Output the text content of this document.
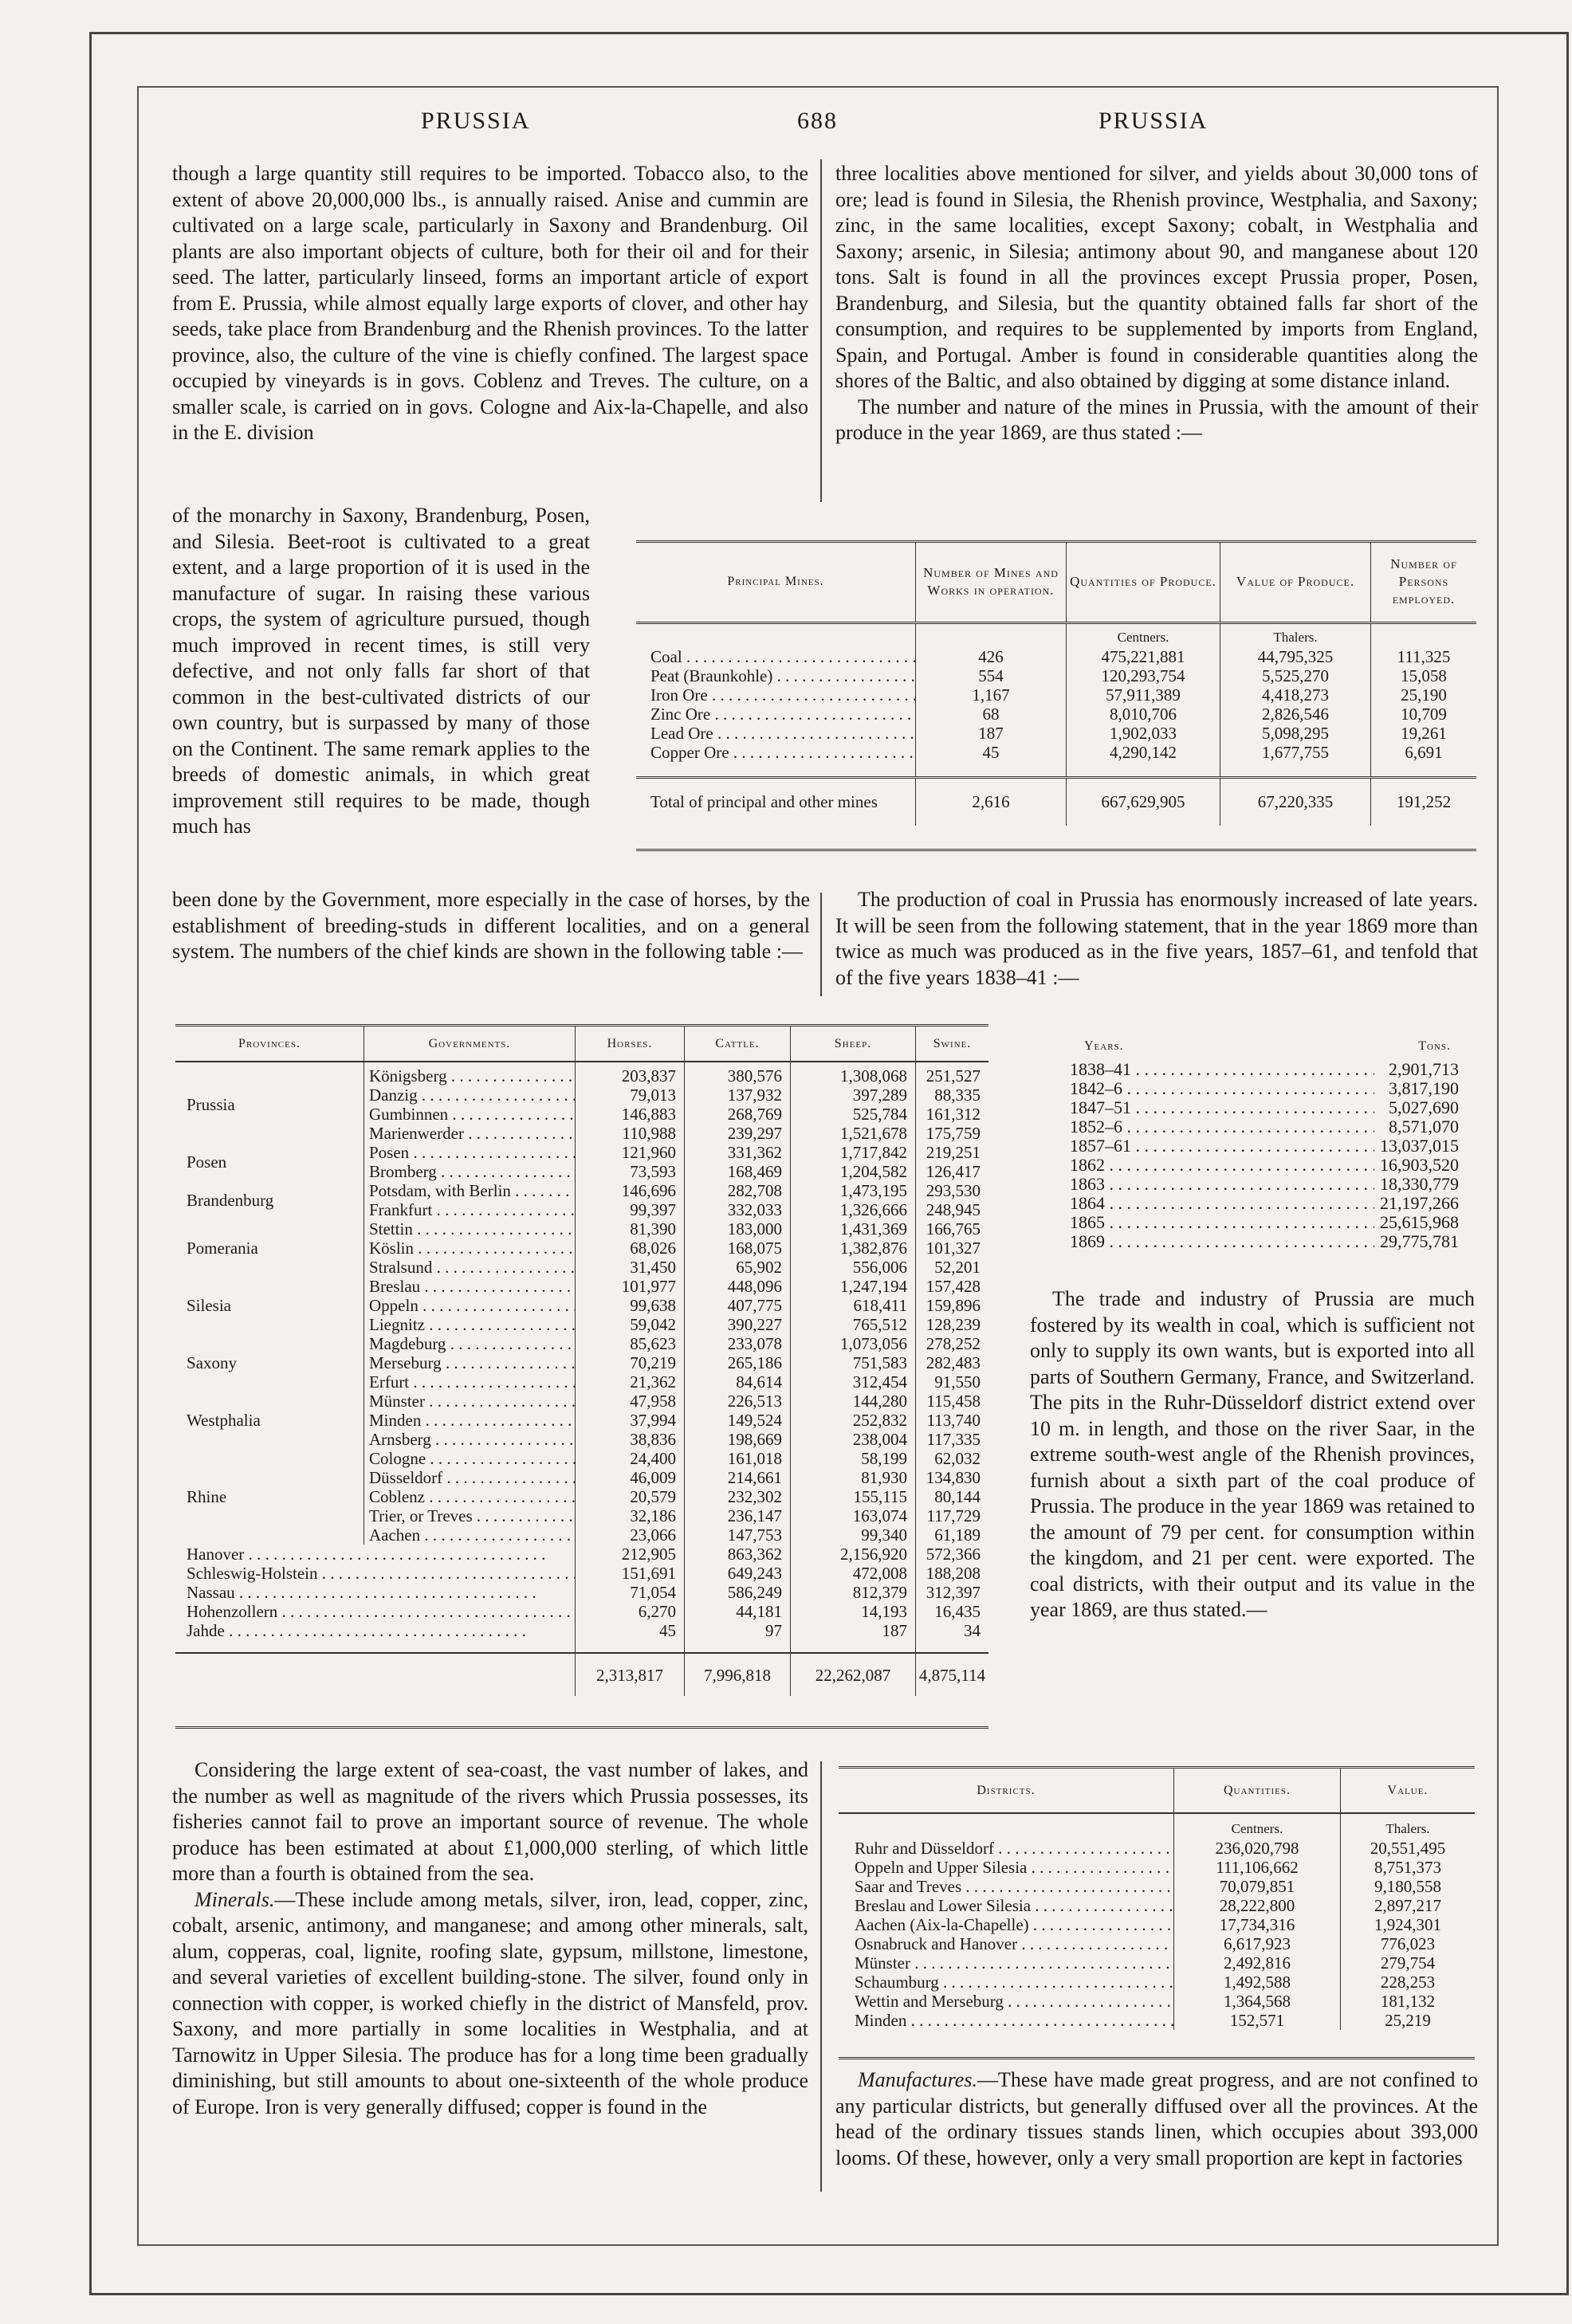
PRUSSIA	688	PRUSSIA

though a large quantity still requires to be imported. Tobacco also, to the extent of above 20,000,000 lbs., is annually raised. Anise and cummin are cultivated on a large scale, particularly in Saxony and Brandenburg. Oil plants are also important objects of culture, both for their oil and for their seed. The latter, particularly linseed, forms an important article of export from E. Prussia, while almost equally large exports of clover, and other hay seeds, take place from Brandenburg and the Rhenish provinces. To the latter province, also, the culture of the vine is chiefly confined. The largest space occupied by vineyards is in govs. Coblenz and Treves. The culture, on a smaller scale, is carried on in govs. Cologne and Aix-la-Chapelle, and also in the E. division

of the monarchy in Saxony, Brandenburg, Posen, and Silesia. Beet-root is cultivated to a great extent, and a large proportion of it is used in the manufacture of sugar. In raising these various crops, the system of agriculture pursued, though much improved in recent times, is still very defective, and not only falls far short of that common in the best-cultivated districts of our own country, but is surpassed by many of those on the Continent. The same remark applies to the breeds of domestic animals, in which great improvement still requires to be made, though much has

been done by the Government, more especially in the case of horses, by the establishment of breeding-studs in different localities, and on a general system. The numbers of the chief kinds are shown in the following table :—

three localities above mentioned for silver, and yields about 30,000 tons of ore; lead is found in Silesia, the Rhenish province, Westphalia, and Saxony; zinc, in the same localities, except Saxony; cobalt, in Westphalia and Saxony; arsenic, in Silesia; antimony about 90, and manganese about 120 tons. Salt is found in all the provinces except Prussia proper, Posen, Brandenburg, and Silesia, but the quantity obtained falls far short of the consumption, and requires to be supplemented by imports from England, Spain, and Portugal. Amber is found in considerable quantities along the shores of the Baltic, and also obtained by digging at some distance inland.

The number and nature of the mines in Prussia, with the amount of their produce in the year 1869, are thus stated :—

Principal Mines.	Number of Mines and Works in operation.	Quantities of Produce.	Value of Produce.	Number of Persons employed.
		Centners.	Thalers.	
Coal . . .	426	475,221,881	44,795,325	111,325
Peat (Braunkohle) . . .	554	120,293,754	5,525,270	15,058
Iron Ore . . .	1,167	57,911,389	4,418,273	25,190
Zinc Ore . . .	68	8,010,706	2,826,546	10,709
Lead Ore . . .	187	1,902,033	5,098,295	19,261
Copper Ore . . .	45	4,290,142	1,677,755	6,691

Total of principal and other mines	2,616	667,629,905	67,220,335	191,252

The production of coal in Prussia has enormously increased of late years. It will be seen from the following statement, that in the year 1869 more than twice as much was produced as in the five years, 1857–61, and tenfold that of the five years 1838–41 :—

Provinces.	Governments.	Horses.	Cattle.	Sheep.	Swine.

Prussia	Königsberg . . .	203,837	380,576	1,308,068	251,527
	Danzig . . .	79,013	137,932	397,289	88,335
	Gumbinnen . . .	146,883	268,769	525,784	161,312
	Marienwerder . . .	110,988	239,297	1,521,678	175,759
Posen	Posen . . .	121,960	331,362	1,717,842	219,251
	Bromberg . . .	73,593	168,469	1,204,582	126,417
Brandenburg	Potsdam, with Berlin . . .	146,696	282,708	1,473,195	293,530
	Frankfurt . . .	99,397	332,033	1,326,666	248,945
Pomerania	Stettin . . .	81,390	183,000	1,431,369	166,765
	Köslin . . .	68,026	168,075	1,382,876	101,327
	Stralsund . . .	31,450	65,902	556,006	52,201
Silesia	Breslau . . .	101,977	448,096	1,247,194	157,428
	Oppeln . . .	99,638	407,775	618,411	159,896
	Liegnitz . . .	59,042	390,227	765,512	128,239
Saxony	Magdeburg . . .	85,623	233,078	1,073,056	278,252
	Merseburg . . .	70,219	265,186	751,583	282,483
	Erfurt . . .	21,362	84,614	312,454	91,550
Westphalia	Münster . . .	47,958	226,513	144,280	115,458
	Minden . . .	37,994	149,524	252,832	113,740
	Arnsberg . . .	38,836	198,669	238,004	117,335
Rhine	Cologne . . .	24,400	161,018	58,199	62,032
	Düsseldorf . . .	46,009	214,661	81,930	134,830
	Coblenz . . .	20,579	232,302	155,115	80,144
	Trier, or Treves . . .	32,186	236,147	163,074	117,729
	Aachen . . .	23,066	147,753	99,340	61,189
Hanover . . .		212,905	863,362	2,156,920	572,366
Schleswig-Holstein . . .		151,691	649,243	472,008	188,208
Nassau . . .		71,054	586,249	812,379	312,397
Hohenzollern . . .		6,270	44,181	14,193	16,435
Jahde . . .		45	97	187	34

		2,313,817	7,996,818	22,262,087	4,875,114
Years.	Tons.
1838–41 . . .	2,901,713
1842–6 . . .	3,817,190
1847–51 . . .	5,027,690
1852–6 . . .	8,571,070
1857–61 . . .	13,037,015
1862 . . .	16,903,520
1863 . . .	18,330,779
1864 . . .	21,197,266
1865 . . .	25,615,968
1869 . . .	29,775,781

The trade and industry of Prussia are much fostered by its wealth in coal, which is sufficient not only to supply its own wants, but is exported into all parts of Southern Germany, France, and Switzerland. The pits in the Ruhr-Düsseldorf district extend over 10 m. in length, and those on the river Saar, in the extreme south-west angle of the Rhenish provinces, furnish about a sixth part of the coal produce of Prussia. The produce in the year 1869 was retained to the amount of 79 per cent. for consumption within the kingdom, and 21 per cent. were exported. The coal districts, with their output and its value in the year 1869, are thus stated.—

Considering the large extent of sea-coast, the vast number of lakes, and the number as well as magnitude of the rivers which Prussia possesses, its fisheries cannot fail to prove an important source of revenue. The whole produce has been estimated at about £1,000,000 sterling, of which little more than a fourth is obtained from the sea.

Minerals.—These include among metals, silver, iron, lead, copper, zinc, cobalt, arsenic, antimony, and manganese; and among other minerals, salt, alum, copperas, coal, lignite, roofing slate, gypsum, millstone, limestone, and several varieties of excellent building-stone. The silver, found only in connection with copper, is worked chiefly in the district of Mansfeld, prov. Saxony, and more partially in some localities in Westphalia, and at Tarnowitz in Upper Silesia. The produce has for a long time been gradually diminishing, but still amounts to about one-sixteenth of the whole produce of Europe. Iron is very generally diffused; copper is found in the

Districts.	Quantities.	Value.
	Centners.	Thalers.
Ruhr and Düsseldorf . . .	236,020,798	20,551,495
Oppeln and Upper Silesia . . .	111,106,662	8,751,373
Saar and Treves . . .	70,079,851	9,180,558
Breslau and Lower Silesia . . .	28,222,800	2,897,217
Aachen (Aix-la-Chapelle) . . .	17,734,316	1,924,301
Osnabruck and Hanover . . .	6,617,923	776,023
Münster . . .	2,492,816	279,754
Schaumburg . . .	1,492,588	228,253
Wettin and Merseburg . . .	1,364,568	181,132
Minden . . .	152,571	25,219

Manufactures.—These have made great progress, and are not confined to any particular districts, but generally diffused over all the provinces. At the head of the ordinary tissues stands linen, which occupies about 393,000 looms. Of these, however, only a very small proportion are kept in factories
